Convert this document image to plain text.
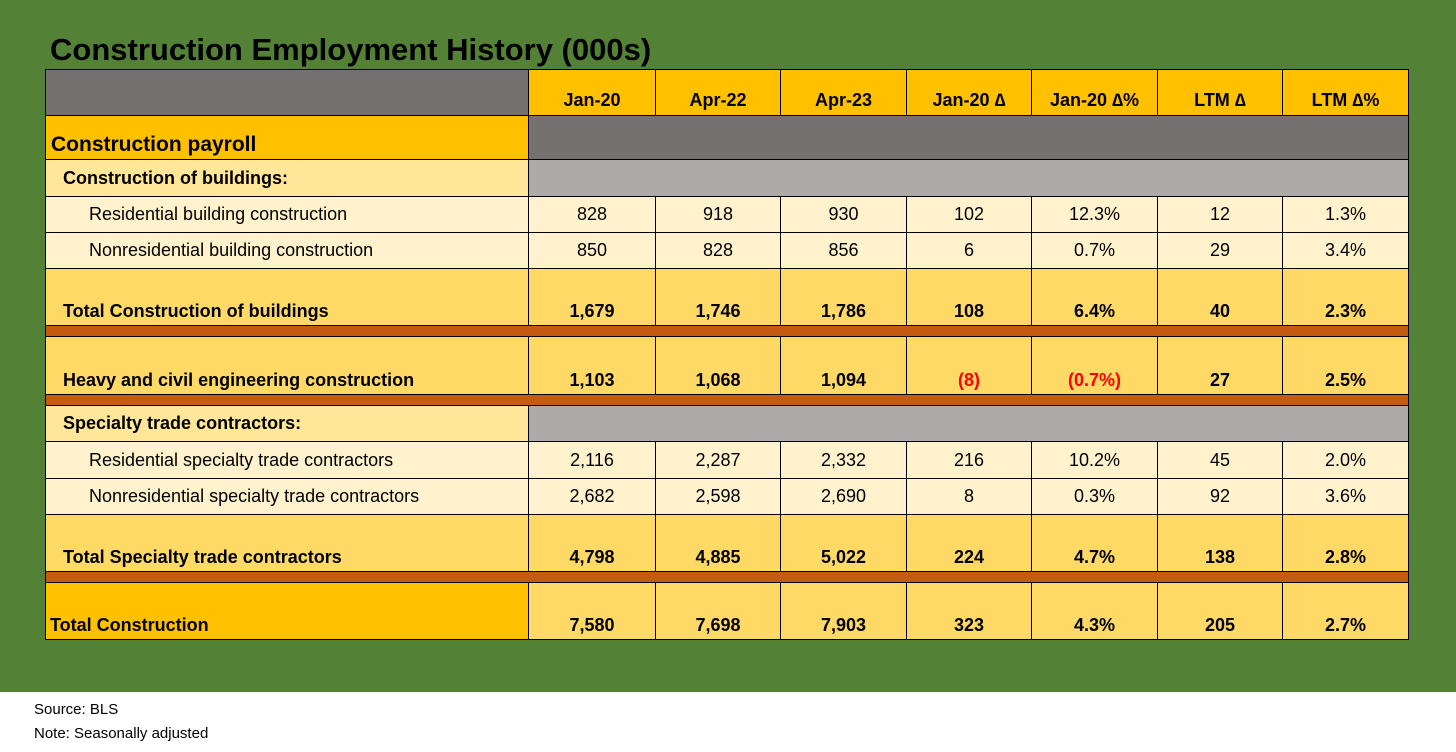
Construction Employment History (000s)
	Jan-20	Apr-22	Apr-23	Jan-20 ∆	Jan-20 ∆%	LTM ∆	LTM ∆%
Construction payroll							
Construction of buildings:							
Residential building construction	828	918	930	102	12.3%	12	1.3%
Nonresidential building construction	850	828	856	6	0.7%	29	3.4%
Total Construction of buildings	1,679	1,746	1,786	108	6.4%	40	2.3%

Heavy and civil engineering construction	1,103	1,068	1,094	(8)	(0.7%)	27	2.5%

Specialty trade contractors:							
Residential specialty trade contractors	2,116	2,287	2,332	216	10.2%	45	2.0%
Nonresidential specialty trade contractors	2,682	2,598	2,690	8	0.3%	92	3.6%
Total Specialty trade contractors	4,798	4,885	5,022	224	4.7%	138	2.8%

Total Construction	7,580	7,698	7,903	323	4.3%	205	2.7%
Source: BLS
Note: Seasonally adjusted
